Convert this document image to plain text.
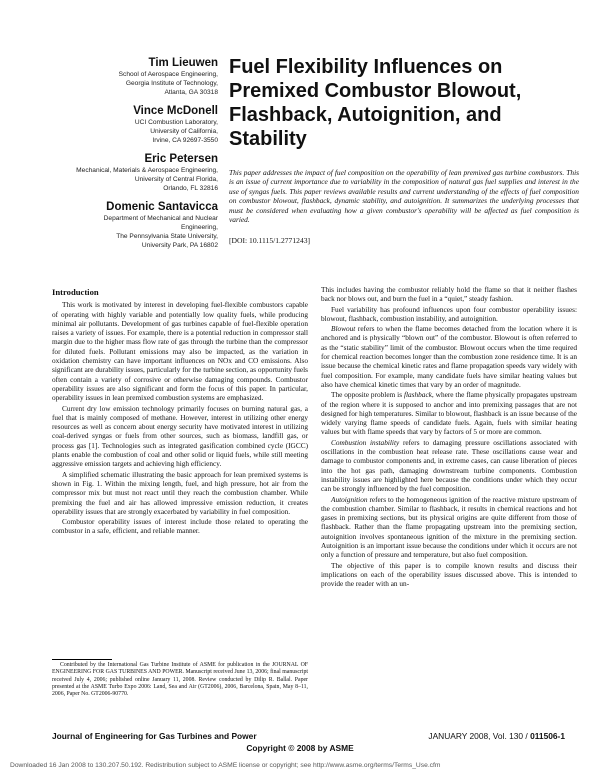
Tim Lieuwen
School of Aerospace Engineering,
Georgia Institute of Technology,
Atlanta, GA 30318
Vince McDonell
UCI Combustion Laboratory,
University of California,
Irvine, CA 92697-3550
Eric Petersen
Mechanical, Materials & Aerospace Engineering,
University of Central Florida,
Orlando, FL 32816
Domenic Santavicca
Department of Mechanical and Nuclear
Engineering,
The Pennsylvania State University,
University Park, PA 16802
Fuel Flexibility Influences on Premixed Combustor Blowout, Flashback, Autoignition, and Stability
This paper addresses the impact of fuel composition on the operability of lean premixed gas turbine combustors. This is an issue of current importance due to variability in the composition of natural gas fuel supplies and interest in the use of syngas fuels. This paper reviews available results and current understanding of the effects of fuel composition on combustor blowout, flashback, dynamic stability, and autoignition. It summarizes the underlying processes that must be considered when evaluating how a given combustor's operability will be affected as fuel composition is varied.
[DOI: 10.1115/1.2771243]
Introduction

This work is motivated by interest in developing fuel-flexible combustors capable of operating with highly variable and potentially low quality fuels, while producing minimal air pollutants. Development of gas turbines capable of fuel-flexible operation raises a variety of issues. For example, there is a potential reduction in compressor stall margin due to the higher mass flow rate of gas through the turbine than the compressor for diluted fuels. Pollutant emissions may also be impacted, as the variation in oxidation chemistry can have important influences on NOx and CO emissions. Also significant are durability issues, particularly for the turbine section, as opportunity fuels often contain a variety of corrosive or otherwise damaging compounds. Combustor operability issues are also significant and form the focus of this paper. In particular, operability issues in lean premixed combustion systems are emphasized.

Current dry low emission technology primarily focuses on burning natural gas, a fuel that is mainly composed of methane. However, interest in utilizing other energy resources as well as concern about energy security have motivated interest in utilizing coal-derived syngas or fuels from other sources, such as biomass, landfill gas, or process gas [1]. Technologies such as integrated gasification combined cycle (IGCC) plants enable the combustion of coal and other solid or liquid fuels, while still meeting aggressive emission targets and achieving high efficiency.

A simplified schematic illustrating the basic approach for lean premixed systems is shown in Fig. 1. Within the mixing length, fuel, and high pressure, hot air from the compressor mix but must not react until they reach the combustion chamber. While premixing the fuel and air has allowed impressive emission reduction, it creates operability issues that are strongly exacerbated by variability in fuel composition.

Combustor operability issues of interest include those related to operating the combustor in a safe, efficient, and reliable manner.

Contributed by the International Gas Turbine Institute of ASME for publication in the JOURNAL OF ENGINEERING FOR GAS TURBINES AND POWER. Manuscript received June 13, 2006; final manuscript received July 4, 2006; published online January 11, 2008. Review conducted by Dilip R. Ballal. Paper presented at the ASME Turbo Expo 2006: Land, Sea and Air (GT2006), 2006, Barcelona, Spain, May 8–11, 2006, Paper No. GT2006-90770.

This includes having the combustor reliably hold the flame so that it neither flashes back nor blows out, and burn the fuel in a “quiet,” steady fashion.

Fuel variability has profound influences upon four combustor operability issues: blowout, flashback, combustion instability, and autoignition.

Blowout refers to when the flame becomes detached from the location where it is anchored and is physically “blown out” of the combustor. Blowout is often referred to as the “static stability” limit of the combustor. Blowout occurs when the time required for chemical reaction becomes longer than the combustion zone residence time. It is an issue because the chemical kinetic rates and flame propagation speeds vary widely with fuel composition. For example, many candidate fuels have similar heating values but also have chemical kinetic times that vary by an order of magnitude.

The opposite problem is flashback, where the flame physically propagates upstream of the region where it is supposed to anchor and into premixing passages that are not designed for high temperatures. Similar to blowout, flashback is an issue because of the widely varying flame speeds of candidate fuels. Again, fuels with similar heating values but with flame speeds that vary by factors of 5 or more are common.

Combustion instability refers to damaging pressure oscillations associated with oscillations in the combustion heat release rate. These oscillations cause wear and damage to combustor components and, in extreme cases, can cause liberation of pieces into the hot gas path, damaging downstream turbine components. Combustion instability issues are highlighted here because the conditions under which they occur can be strongly influenced by the fuel composition.

Autoignition refers to the homogeneous ignition of the reactive mixture upstream of the combustion chamber. Similar to flashback, it results in chemical reactions and hot gases in premixing sections, but its physical origins are quite different from those of flashback. Rather than the flame propagating upstream into the premixing section, autoignition involves spontaneous ignition of the mixture in the premixing section. Autoignition is an important issue because the conditions under which it occurs are not only a function of pressure and temperature, but also fuel composition.

The objective of this paper is to compile known results and discuss their implications on each of the operability issues discussed above. This is intended to provide the reader with an un-

Journal of Engineering for Gas Turbines and Power	JANUARY 2008, Vol. 130 / 011506-1
Copyright © 2008 by ASME
Downloaded 16 Jan 2008 to 130.207.50.192. Redistribution subject to ASME license or copyright; see http://www.asme.org/terms/Terms_Use.cfm
